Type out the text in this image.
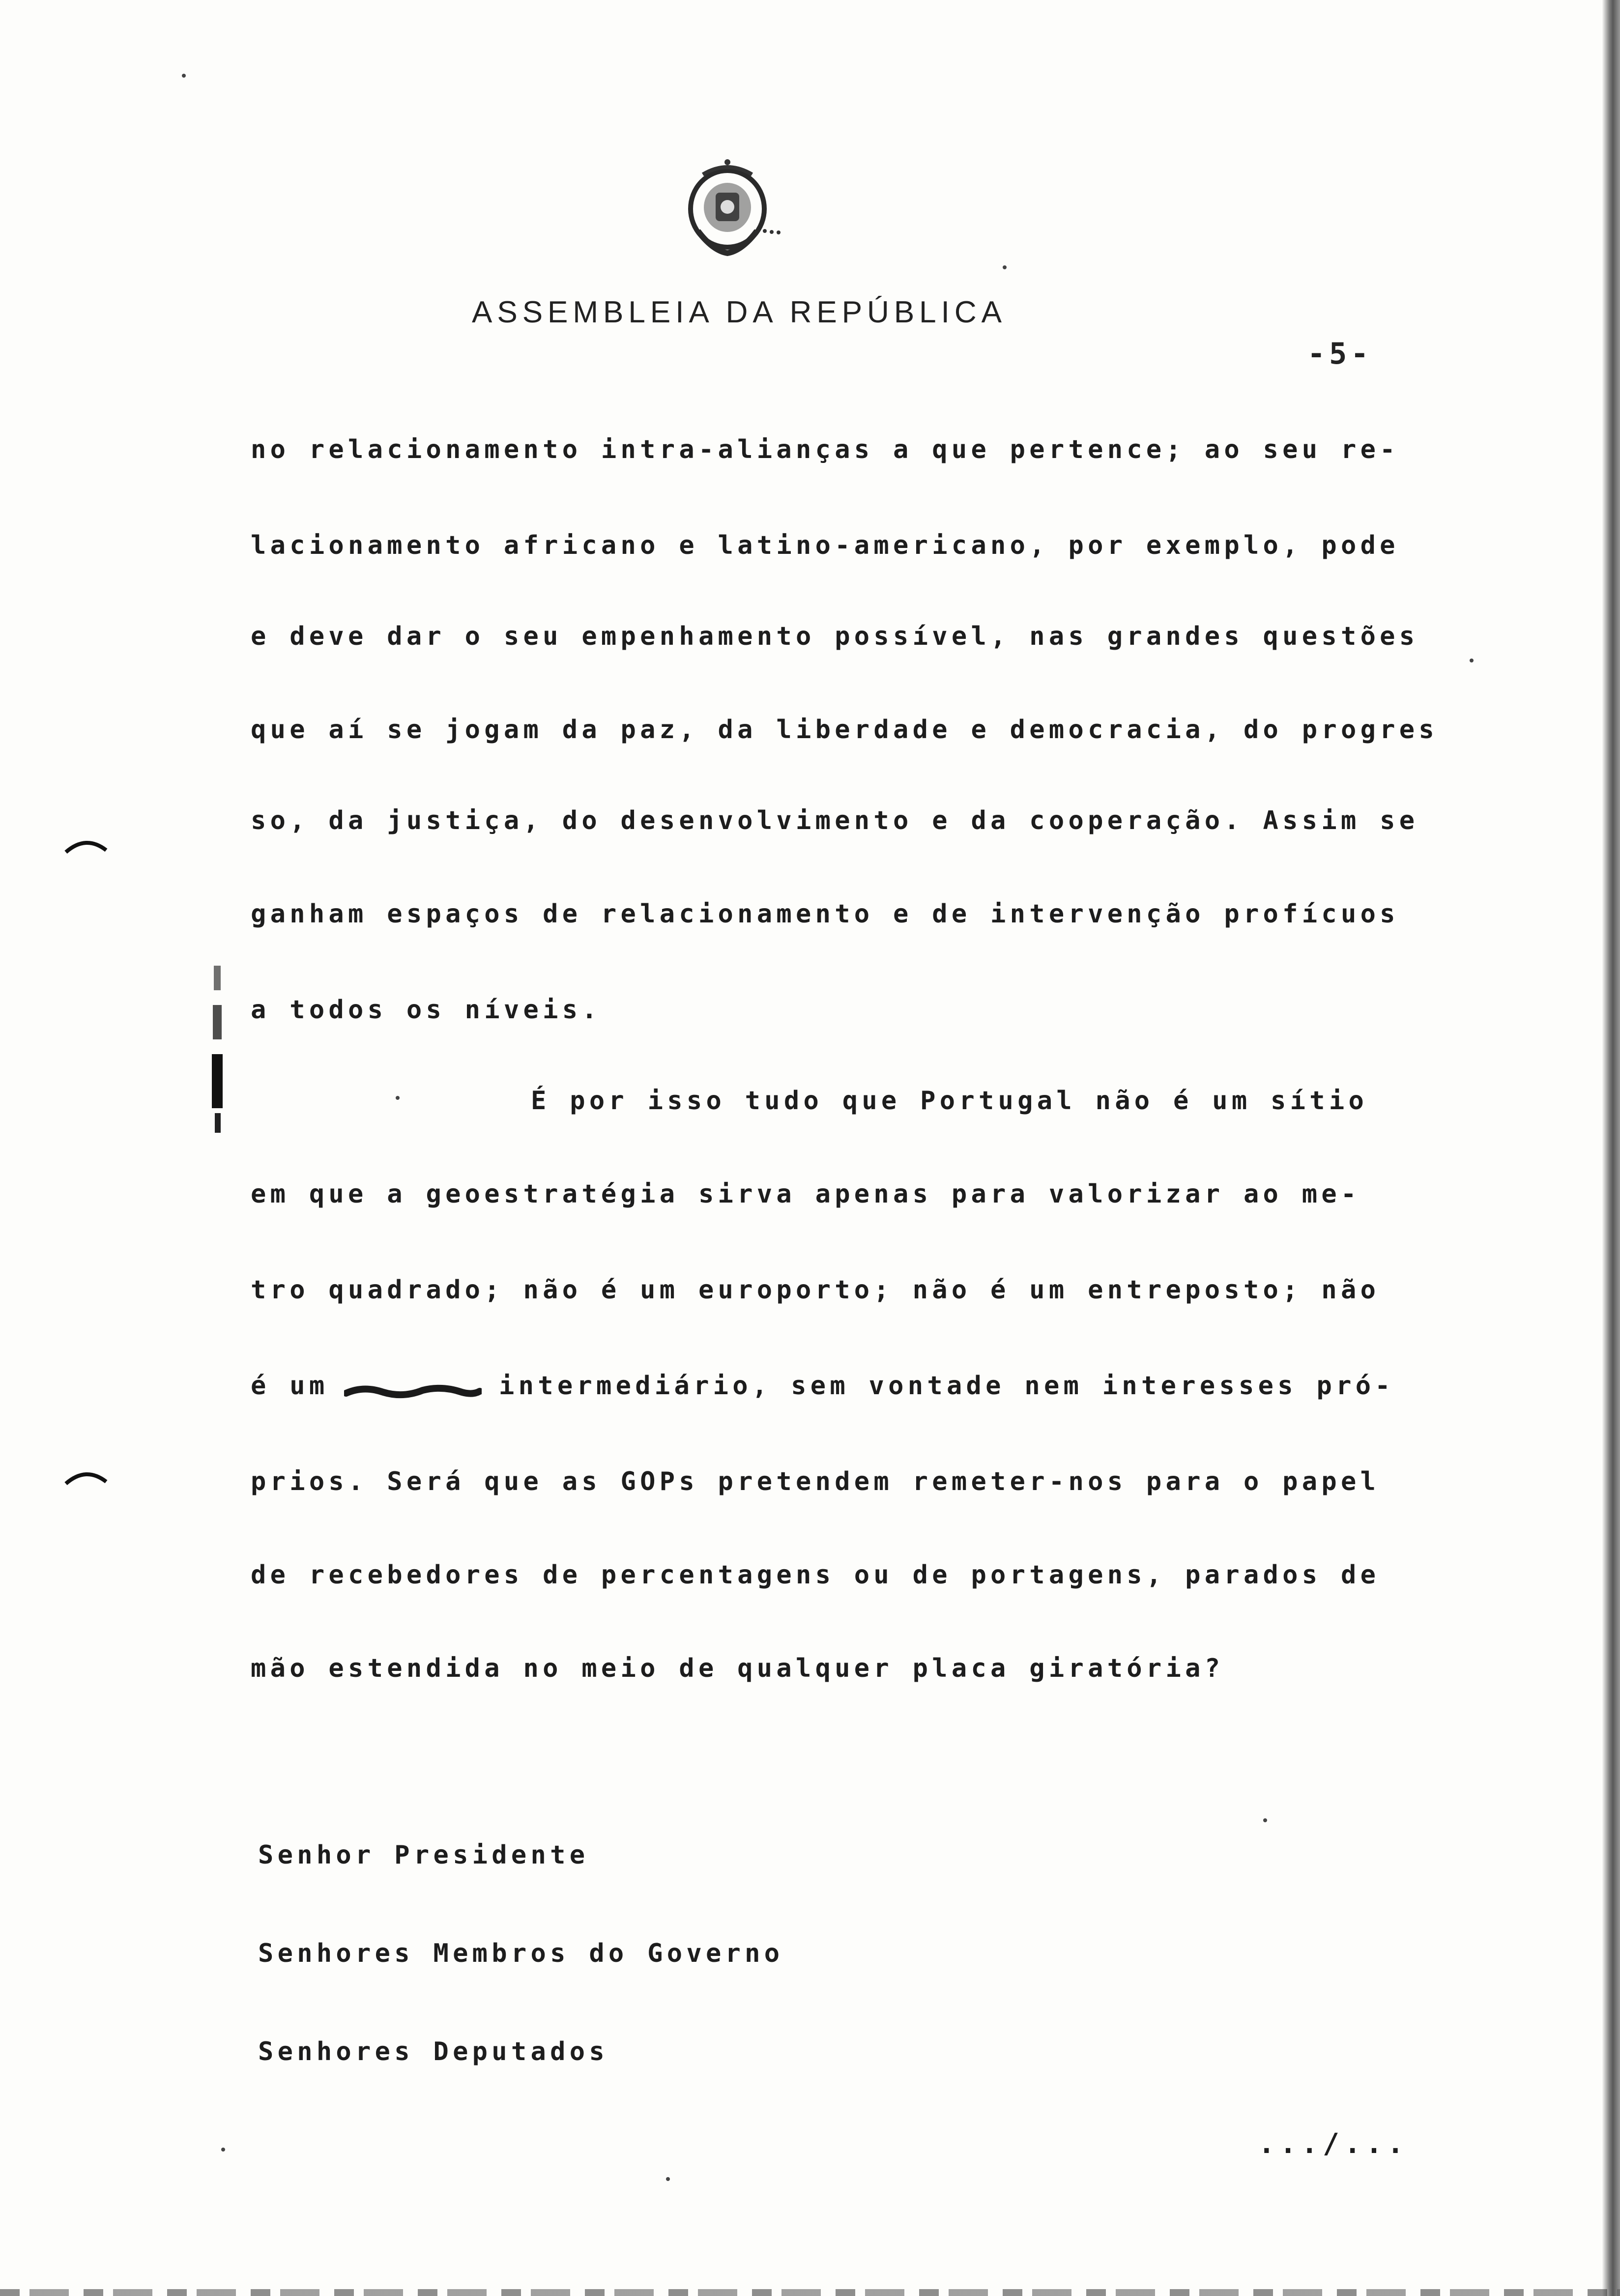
ASSEMBLEIA DA REPÚBLICA
-5-
no relacionamento intra-alianças a que pertence; ao seu re-
lacionamento africano e latino-americano, por exemplo, pode
e deve dar o seu empenhamento possível, nas grandes questões
que aí se jogam da paz, da liberdade e democracia, do progres
so, da justiça, do desenvolvimento e da cooperação. Assim se
ganham espaços de relacionamento e de intervenção profícuos
a todos os níveis.
É por isso tudo que Portugal não é um sítio
em que a geoestratégia sirva apenas para valorizar ao me-
tro quadrado; não é um europorto; não é um entreposto; não
é um	intermediário, sem vontade nem interesses pró-
prios. Será que as GOPs pretendem remeter-nos para o papel
de recebedores de percentagens ou de portagens, parados de
mão estendida no meio de qualquer placa giratória?
Senhor Presidente
Senhores Membros do Governo
Senhores Deputados
.../...
